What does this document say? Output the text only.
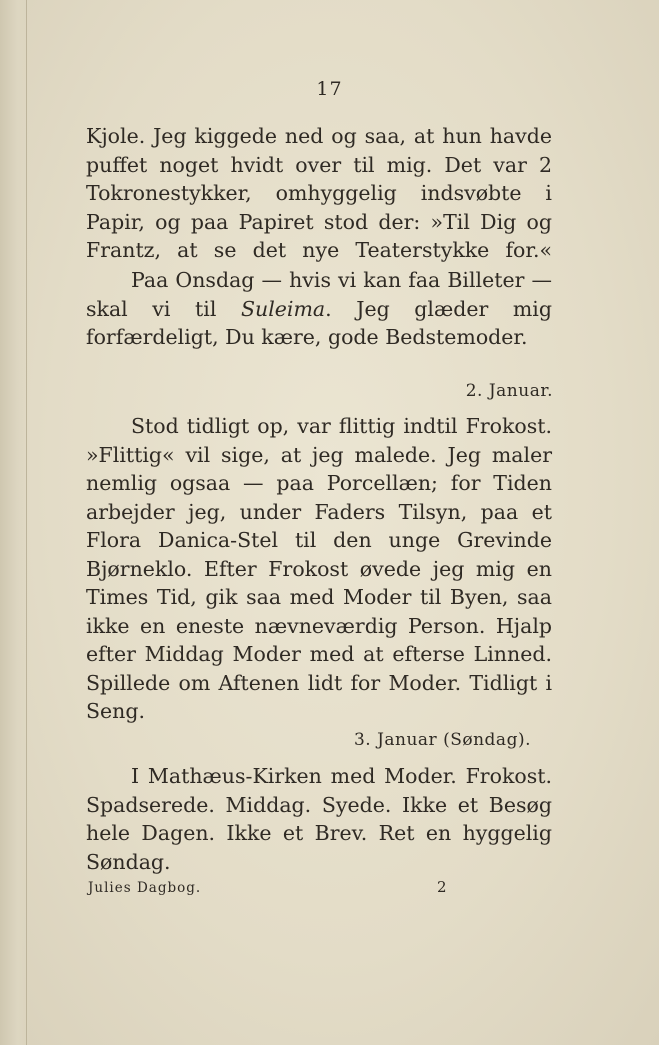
17
Kjole. Jeg kiggede ned og saa, at hun havde puffet noget hvidt over til mig. Det var 2 Tokronestykker, omhyggelig indsvøbte i Papir, og paa Papiret stod der: »Til Dig og Frantz, at se det nye Teaterstykke for.«
Paa Onsdag — hvis vi kan faa Billeter — skal vi til Suleima. Jeg glæder mig forfærdeligt, Du kære, gode Bedstemoder.
2. Januar.
Stod tidligt op, var flittig indtil Frokost. »Flittig« vil sige, at jeg malede. Jeg maler nemlig ogsaa — paa Porcellæn; for Tiden arbejder jeg, under Faders Tilsyn, paa et Flora Danica-Stel til den unge Grevinde Bjørneklo. Efter Frokost øvede jeg mig en Times Tid, gik saa med Moder til Byen, saa ikke en eneste nævneværdig Person. Hjalp efter Middag Moder med at efterse Linned. Spillede om Aftenen lidt for Moder. Tidligt i Seng.
3. Januar (Søndag).
I Mathæus-Kirken med Moder. Frokost. Spadserede. Middag. Syede. Ikke et Besøg hele Dagen. Ikke et Brev. Ret en hyggelig Søndag.
Julies Dagbog.	2
